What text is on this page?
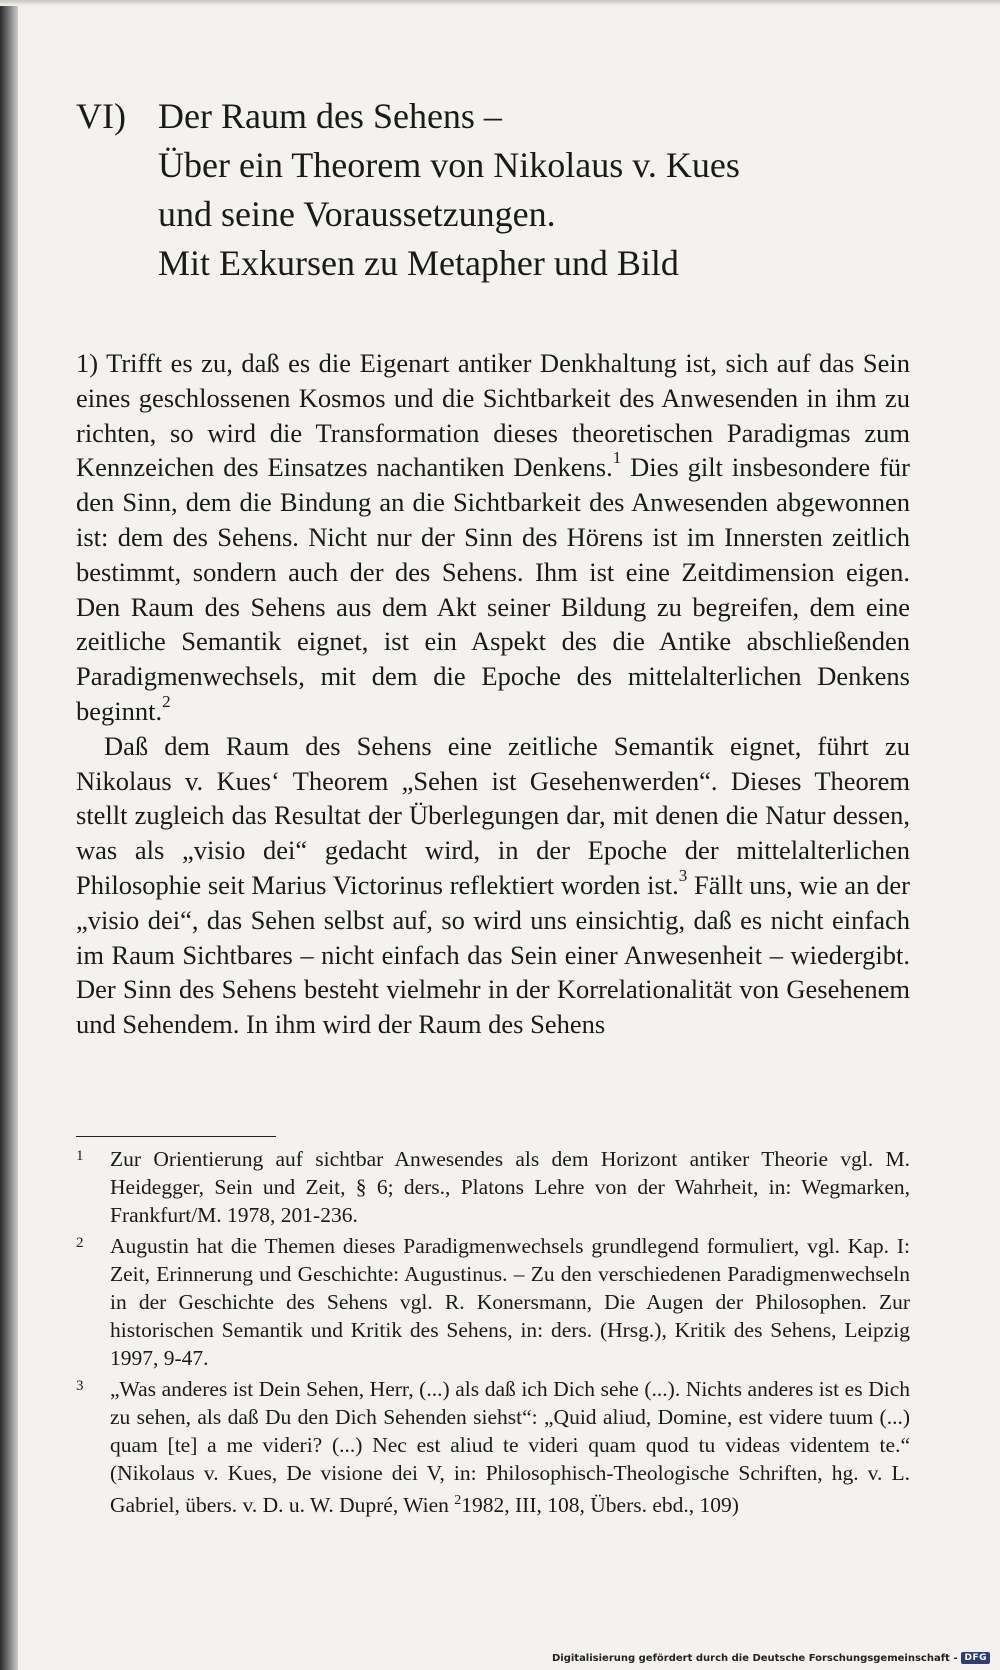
VI) Der Raum des Sehens –
Über ein Theorem von Nikolaus v. Kues
und seine Voraussetzungen.
Mit Exkursen zu Metapher und Bild

1) Trifft es zu, daß es die Eigenart antiker Denkhaltung ist, sich auf das Sein eines geschlossenen Kosmos und die Sichtbarkeit des Anwesenden in ihm zu richten, so wird die Transformation dieses theoretischen Paradigmas zum Kennzeichen des Einsatzes nachantiken Denkens.$^1$ Dies gilt insbesondere für den Sinn, dem die Bindung an die Sichtbarkeit des Anwesenden abgewonnen ist: dem des Sehens. Nicht nur der Sinn des Hörens ist im Innersten zeitlich bestimmt, sondern auch der des Sehens. Ihm ist eine Zeitdimension eigen. Den Raum des Sehens aus dem Akt seiner Bildung zu begreifen, dem eine zeitliche Semantik eignet, ist ein Aspekt des die Antike abschließenden Paradigmenwechsels, mit dem die Epoche des mittelalterlichen Denkens beginnt.$^2$

Daß dem Raum des Sehens eine zeitliche Semantik eignet, führt zu Nikolaus v. Kues‘ Theorem „Sehen ist Gesehenwerden“. Dieses Theorem stellt zugleich das Resultat der Überlegungen dar, mit denen die Natur dessen, was als „visio dei“ gedacht wird, in der Epoche der mittelalterlichen Philosophie seit Marius Victorinus reflektiert worden ist.$^3$ Fällt uns, wie an der „visio dei“, das Sehen selbst auf, so wird uns einsichtig, daß es nicht einfach im Raum Sichtbares – nicht einfach das Sein einer Anwesenheit – wiedergibt. Der Sinn des Sehens besteht vielmehr in der Korrelationalität von Gesehenem und Sehendem. In ihm wird der Raum des Sehens

1	Zur Orientierung auf sichtbar Anwesendes als dem Horizont antiker Theorie vgl. M. Heidegger, Sein und Zeit, § 6; ders., Platons Lehre von der Wahrheit, in: Wegmarken, Frankfurt/M. 1978, 201-236.
2	Augustin hat die Themen dieses Paradigmenwechsels grundlegend formuliert, vgl. Kap. I: Zeit, Erinnerung und Geschichte: Augustinus. – Zu den verschiedenen Paradigmenwechseln in der Geschichte des Sehens vgl. R. Konersmann, Die Augen der Philosophen. Zur historischen Semantik und Kritik des Sehens, in: ders. (Hrsg.), Kritik des Sehens, Leipzig 1997, 9-47.
3	„Was anderes ist Dein Sehen, Herr, (...) als daß ich Dich sehe (...). Nichts anderes ist es Dich zu sehen, als daß Du den Dich Sehenden siehst“: „Quid aliud, Domine, est videre tuum (...) quam [te] a me videri? (...) Nec est aliud te videri quam quod tu videas videntem te.“ (Nikolaus v. Kues, De visione dei V, in: Philosophisch-Theologische Schriften, hg. v. L. Gabriel, übers. v. D. u. W. Dupré, Wien $^2$1982, III, 108, Übers. ebd., 109)
Digitalisierung gefördert durch die Deutsche Forschungsgemeinschaft - DFG
